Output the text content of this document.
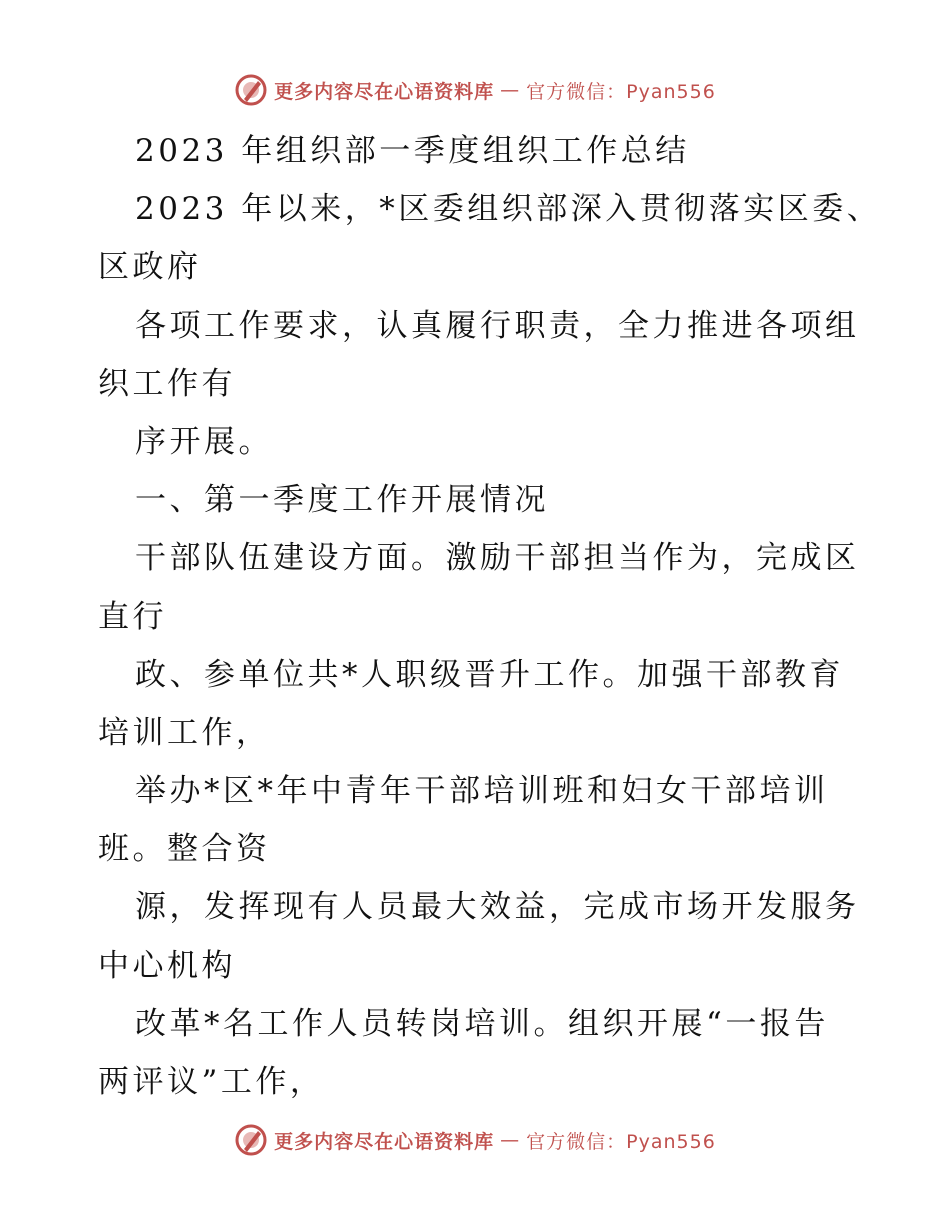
更多内容尽在心语资料库 — 官方微信：Pyan556
2023 年组织部一季度组织工作总结
2023 年以来，*区委组织部深入贯彻落实区委、
区政府
各项工作要求，认真履行职责，全力推进各项组
织工作有
序开展。
一、第一季度工作开展情况
干部队伍建设方面。激励干部担当作为，完成区
直行
政、参单位共*人职级晋升工作。加强干部教育
培训工作，
举办*区*年中青年干部培训班和妇女干部培训
班。整合资
源，发挥现有人员最大效益，完成市场开发服务
中心机构
改革*名工作人员转岗培训。组织开展“一报告
两评议”工作，
更多内容尽在心语资料库 — 官方微信：Pyan556
